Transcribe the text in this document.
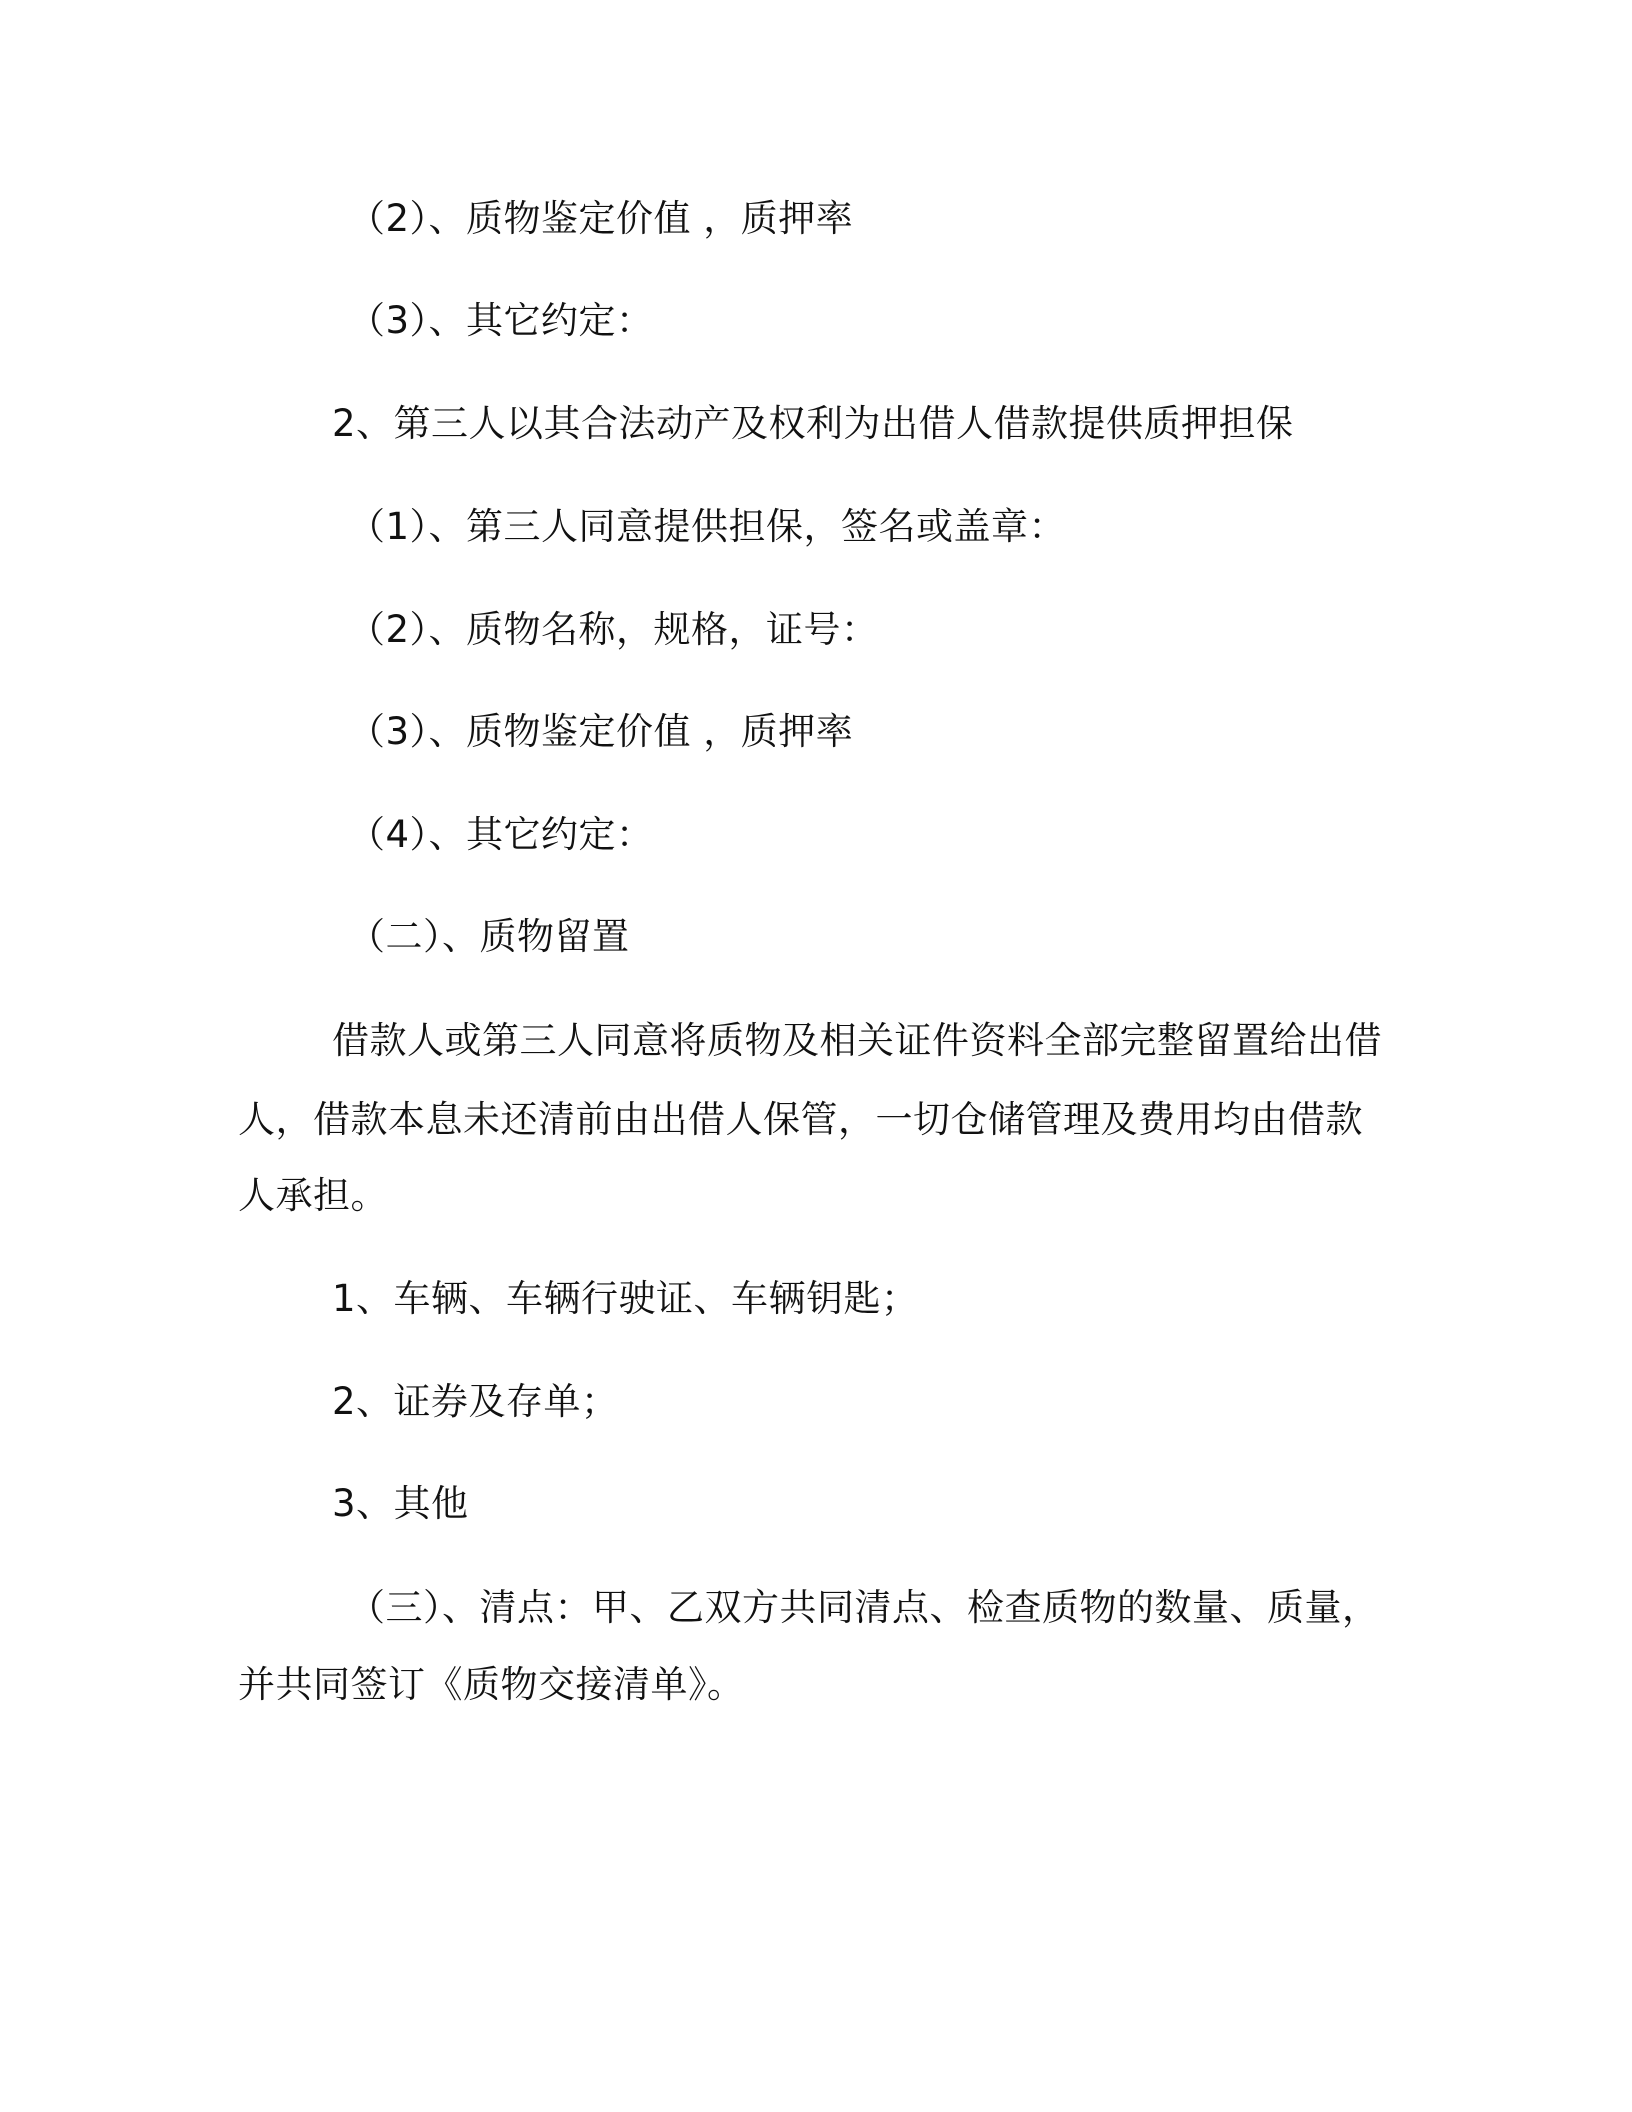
（2）、质物鉴定价值 ，质押率
（3）、其它约定：
2、第三人以其合法动产及权利为出借人借款提供质押担保
（1）、第三人同意提供担保，签名或盖章：
（2）、质物名称，规格，证号：
（3）、质物鉴定价值 ，质押率
（4）、其它约定：
（二）、质物留置
借款人或第三人同意将质物及相关证件资料全部完整留置给出借
人，借款本息未还清前由出借人保管，一切仓储管理及费用均由借款
人承担。
1、车辆、车辆行驶证、车辆钥匙；
2、证券及存单；
3、其他
（三）、清点：甲、乙双方共同清点、检查质物的数量、质量，
并共同签订《质物交接清单》。
